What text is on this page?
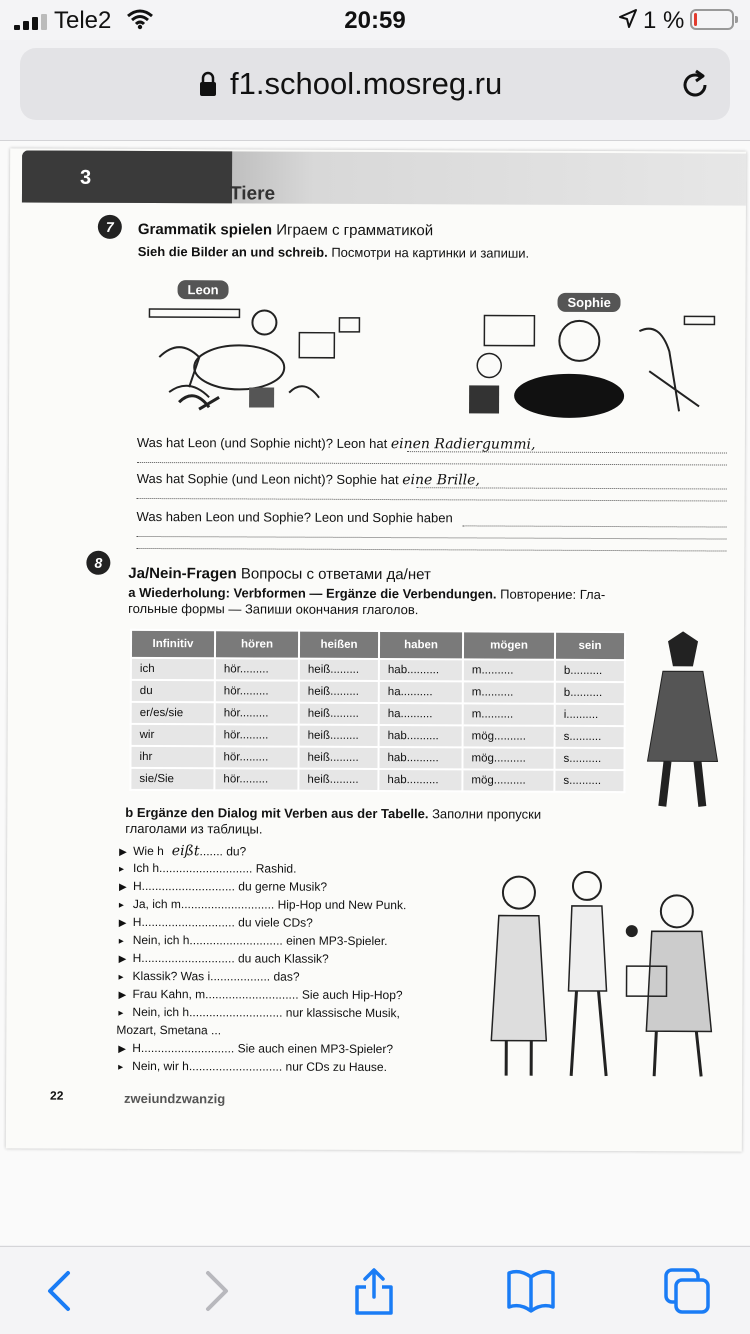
Tele2	20:59	1 %
f1.school.mosreg.ru
3
Tiere
7	Grammatik spielen Играем с грамматикой
Sieh die Bilder an und schreib. Посмотри на картинки и запиши.
Leon
Sophie
Was hat Leon (und Sophie nicht)? Leon hat einen Radiergummi,
Was hat Sophie (und Leon nicht)? Sophie hat eine Brille,
Was haben Leon und Sophie? Leon und Sophie haben
8
Ja/Nein-Fragen Вопросы с ответами да/нет
a Wiederholung: Verbformen — Ergänze die Verbendungen. Повторение: Гла-
гольные формы — Запиши окончания глаголов.
Infinitiv	hören	heißen	haben	mögen	sein
ich	hör.........	heiß.........	hab..........	m..........	b..........
du	hör.........	heiß.........	ha..........	m..........	b..........
er/es/sie	hör.........	heiß.........	ha..........	m..........	i..........
wir	hör.........	heiß.........	hab..........	mög..........	s..........
ihr	hör.........	heiß.........	hab..........	mög..........	s..........
sie/Sie	hör.........	heiß.........	hab..........	mög..........	s..........
b Ergänze den Dialog mit Verben aus der Tabelle. Заполни пропуски
глаголами из таблицы.
▶ Wie h eißt....... du?
▸ Ich h............................ Rashid.
▶ H............................ du gerne Musik?
▸ Ja, ich m............................ Hip-Hop und New Punk.
▶ H............................ du viele CDs?
▸ Nein, ich h............................ einen MP3-Spieler.
▶ H............................ du auch Klassik?
▸ Klassik? Was i.................. das?
▶ Frau Kahn, m............................ Sie auch Hip-Hop?
▸ Nein, ich h............................ nur klassische Musik,
Mozart, Smetana ...
▶ H............................ Sie auch einen MP3-Spieler?
▸ Nein, wir h............................ nur CDs zu Hause.
22	zweiundzwanzig
